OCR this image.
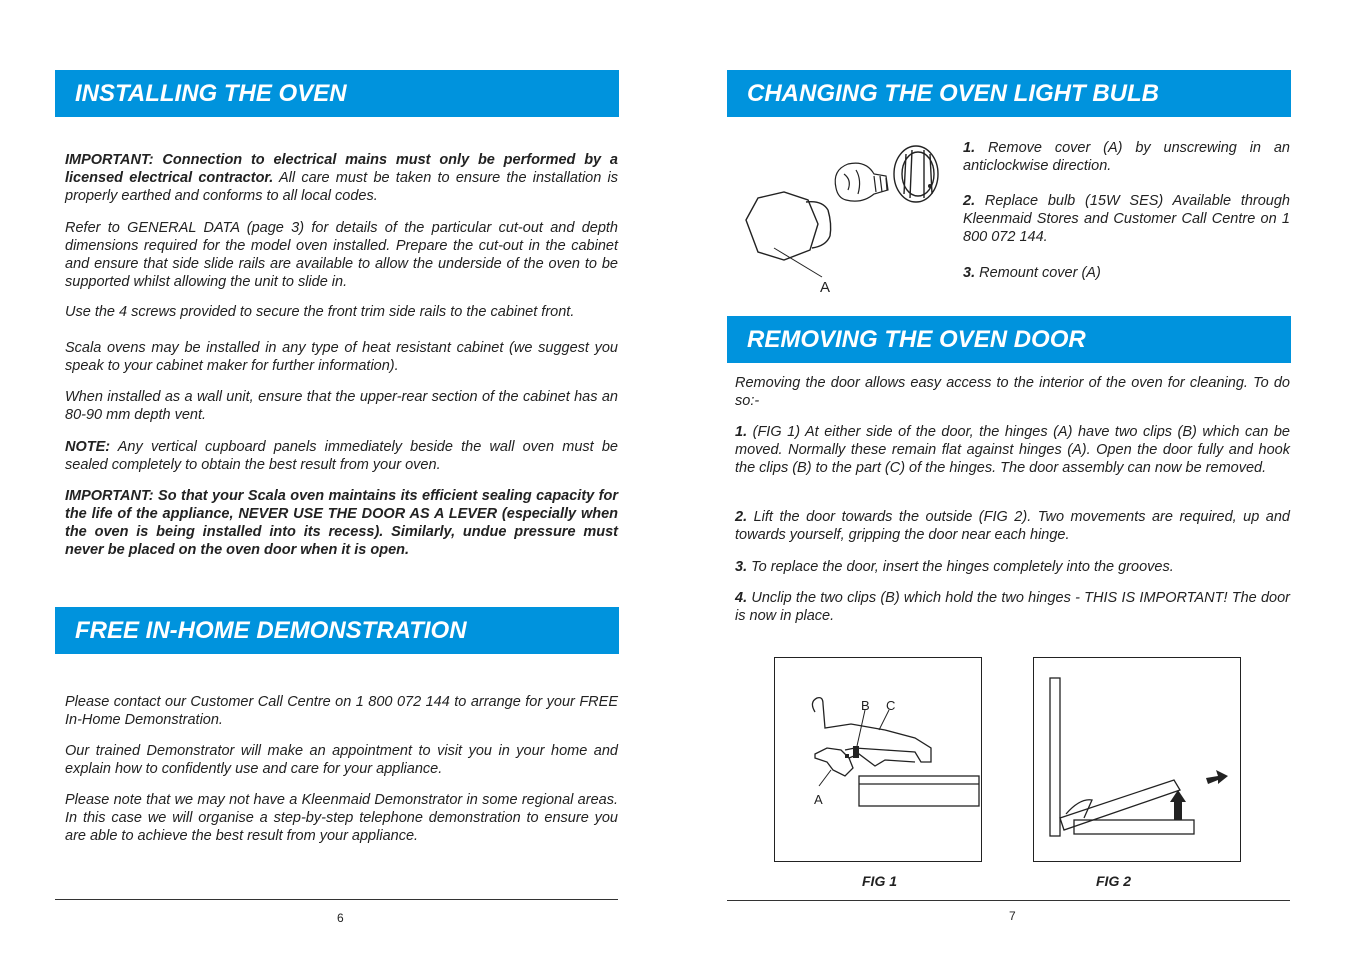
INSTALLING THE OVEN

IMPORTANT: Connection to electrical mains must only be performed by a licensed electrical contractor. All care must be taken to ensure the installation is properly earthed and conforms to all local codes.

Refer to GENERAL DATA (page 3) for details of the particular cut-out and depth dimensions required for the model oven installed. Prepare the cut-out in the cabinet and ensure that side slide rails are available to allow the underside of the oven to be supported whilst allowing the unit to slide in.

Use the 4 screws provided to secure the front trim side rails to the cabinet front.

Scala ovens may be installed in any type of heat resistant cabinet (we suggest you speak to your cabinet maker for further information).

When installed as a wall unit, ensure that the upper-rear section of the cabinet has an 80-90 mm depth vent.

NOTE: Any vertical cupboard panels immediately beside the wall oven must be sealed completely to obtain the best result from your oven.

IMPORTANT: So that your Scala oven maintains its efficient sealing capacity for the life of the appliance, NEVER USE THE DOOR AS A LEVER (especially when the oven is being installed into its recess). Similarly, undue pressure must never be placed on the oven door when it is open.

FREE IN-HOME DEMONSTRATION

Please contact our Customer Call Centre on 1 800 072 144 to arrange for your FREE In-Home Demonstration.

Our trained Demonstrator will make an appointment to visit you in your home and explain how to confidently use and care for your appliance.

Please note that we may not have a Kleenmaid Demonstrator in some regional areas. In this case we will organise a step-by-step telephone demonstration to ensure you are able to achieve the best result from your appliance.

6
CHANGING THE OVEN LIGHT BULB
A

1. Remove cover (A) by unscrewing in an anticlockwise direction.

2. Replace bulb (15W SES) Available through Kleenmaid Stores and Customer Call Centre on 1 800 072 144.

3. Remount cover (A)

REMOVING THE OVEN DOOR

Removing the door allows easy access to the interior of the oven for cleaning. To do so:-

1. (FIG 1) At either side of the door, the hinges (A) have two clips (B) which can be moved. Normally these remain flat against hinges (A). Open the door fully and hook the clips (B) to the part (C) of the hinges. The door assembly can now be removed.

2. Lift the door towards the outside (FIG 2). Two movements are required, up and towards yourself, gripping the door near each hinge.

3. To replace the door, insert the hinges completely into the grooves.

4. Unclip the two clips (B) which hold the two hinges - THIS IS IMPORTANT! The door is now in place.

B C
A
FIG 1	FIG 2
7
